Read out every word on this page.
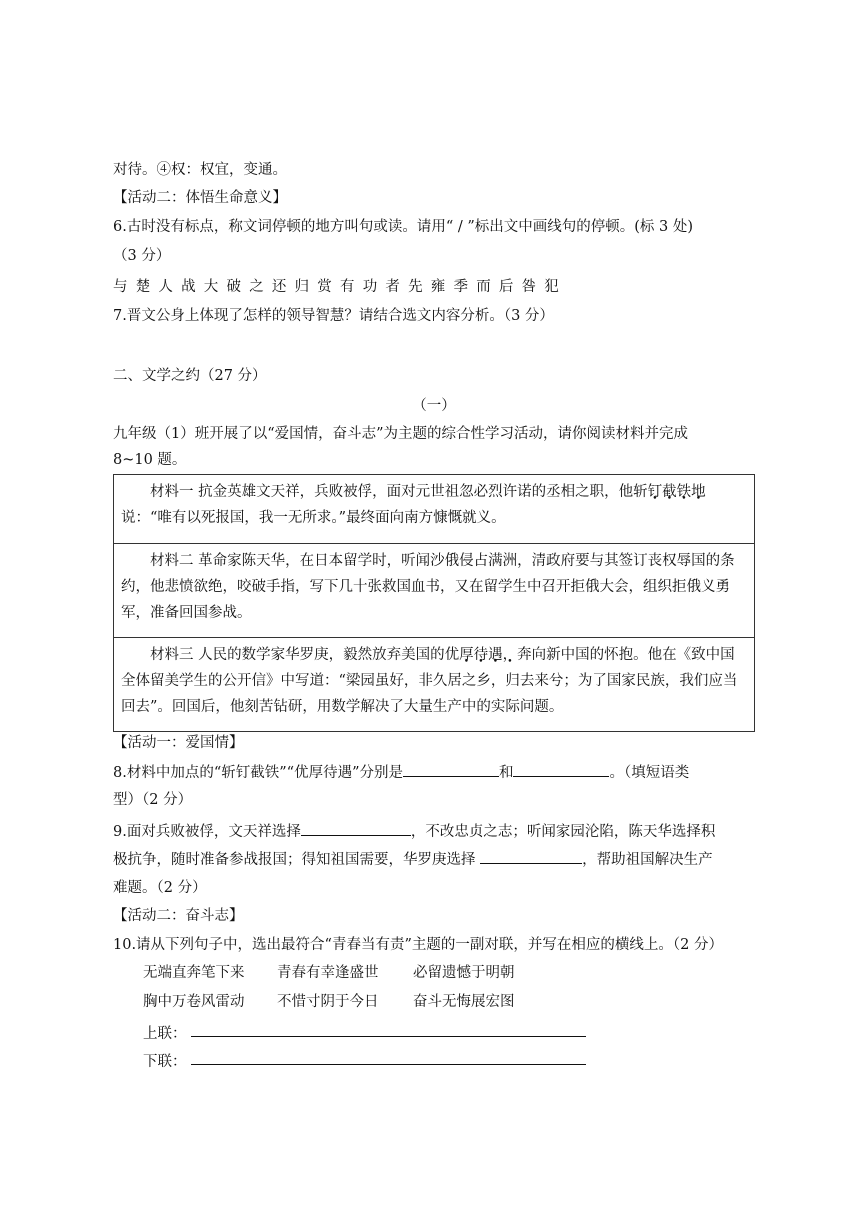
对待。④权：权宜，变通。
【活动二：体悟生命意义】
6.古时没有标点，称文词停顿的地方叫句或读。请用“ / ”标出文中画线句的停顿。(标 3 处)
（3 分）
与楚人战大破之还归赏有功者先雍季而后咎犯
7.晋文公身上体现了怎样的领导智慧？请结合选文内容分析。（3 分）
二、文学之约（27 分）
（一）
九年级（1）班开展了以“爱国情，奋斗志”为主题的综合性学习活动，请你阅读材料并完成
8~10 题。
材料一 抗金英雄文天祥，兵败被俘，面对元世祖忽必烈许诺的丞相之职，他斩钉截铁地说：“唯有以死报国，我一无所求。”最终面向南方慷慨就义。
材料二 革命家陈天华，在日本留学时，听闻沙俄侵占满洲，清政府要与其签订丧权辱国的条约，他悲愤欲绝，咬破手指，写下几十张救国血书，又在留学生中召开拒俄大会，组织拒俄义勇军，准备回国参战。
材料三 人民的数学家华罗庚，毅然放弃美国的优厚待遇，奔向新中国的怀抱。他在《致中国全体留美学生的公开信》中写道：“梁园虽好，非久居之乡，归去来兮；为了国家民族，我们应当回去”。回国后，他刻苦钻研，用数学解决了大量生产中的实际问题。
【活动一：爱国情】
8.材料中加点的“斩钉截铁”“优厚待遇”分别是	和	。（填短语类
型）（2 分）
9.面对兵败被俘，文天祥选择	，不改忠贞之志；听闻家园沦陷，陈天华选择积
极抗争，随时准备参战报国；得知祖国需要，华罗庚选择	，帮助祖国解决生产
难题。（2 分）
【活动二：奋斗志】
10.请从下列句子中，选出最符合“青春当有责”主题的一副对联，并写在相应的横线上。（2 分）
无端直奔笔下来 青春有幸逢盛世 必留遗憾于明朝
胸中万卷风雷动 不惜寸阴于今日 奋斗无悔展宏图
上联：
下联：
